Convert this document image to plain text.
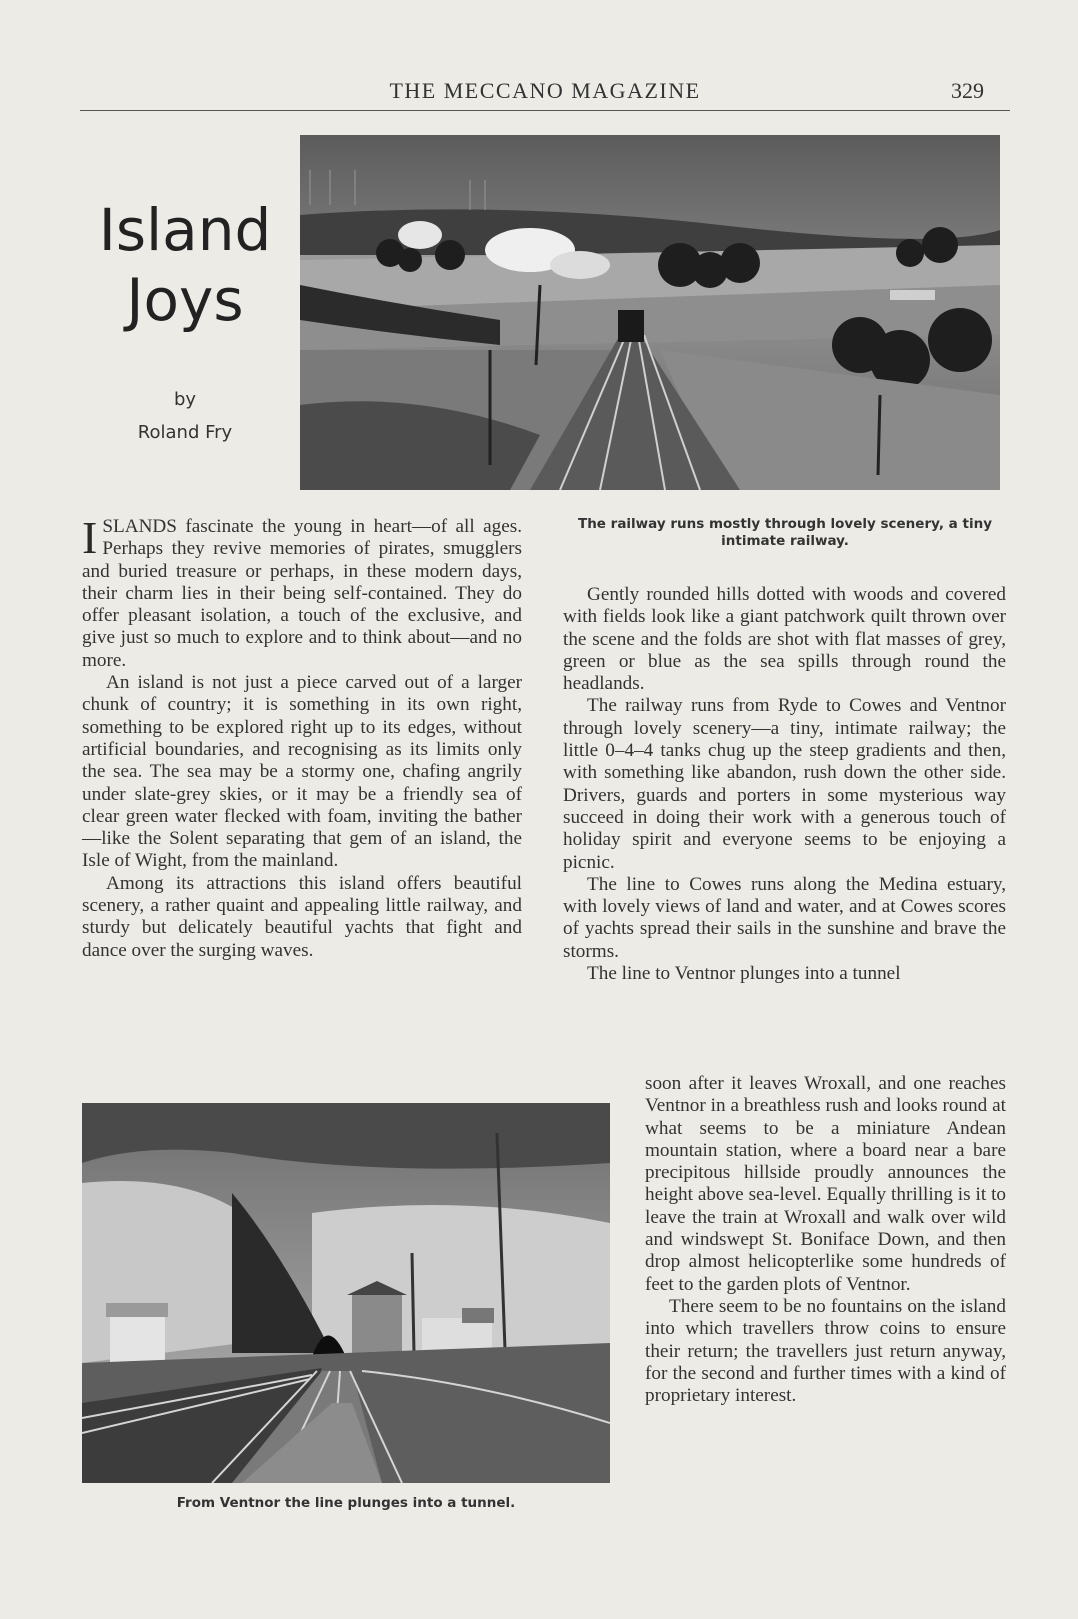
THE MECCANO MAGAZINE	329
Island
Joys
by
Roland Fry
The railway runs mostly through lovely scenery, a tiny intimate railway.
From Ventnor the line plunges into a tunnel.

ISLANDS fascinate the young in heart—of all ages. Perhaps they revive memories of pirates, smugglers and buried treasure or perhaps, in these modern days, their charm lies in their being self-contained. They do offer pleasant isolation, a touch of the exclusive, and give just so much to explore and to think about—and no more.

An island is not just a piece carved out of a larger chunk of country; it is something in its own right, something to be explored right up to its edges, without artificial boundaries, and recognising as its limits only the sea. The sea may be a stormy one, chafing angrily under slate-grey skies, or it may be a friendly sea of clear green water flecked with foam, inviting the bather—like the Solent separating that gem of an island, the Isle of Wight, from the mainland.

Among its attractions this island offers beautiful scenery, a rather quaint and appealing little railway, and sturdy but delicately beautiful yachts that fight and dance over the surging waves.

Gently rounded hills dotted with woods and covered with fields look like a giant patchwork quilt thrown over the scene and the folds are shot with flat masses of grey, green or blue as the sea spills through round the headlands.

The railway runs from Ryde to Cowes and Ventnor through lovely scenery—a tiny, intimate railway; the little 0–4–4 tanks chug up the steep gradients and then, with something like abandon, rush down the other side. Drivers, guards and porters in some mysterious way succeed in doing their work with a generous touch of holiday spirit and everyone seems to be enjoying a picnic.

The line to Cowes runs along the Medina estuary, with lovely views of land and water, and at Cowes scores of yachts spread their sails in the sunshine and brave the storms.

The line to Ventnor plunges into a tunnel

soon after it leaves Wroxall, and one reaches Ventnor in a breathless rush and looks round at what seems to be a miniature Andean mountain station, where a board near a bare precipitous hillside proudly announces the height above sea-level. Equally thrilling is it to leave the train at Wroxall and walk over wild and windswept St. Boniface Down, and then drop almost helicopterlike some hundreds of feet to the garden plots of Ventnor.

There seem to be no fountains on the island into which travellers throw coins to ensure their return; the travellers just return anyway, for the second and further times with a kind of proprietary interest.
